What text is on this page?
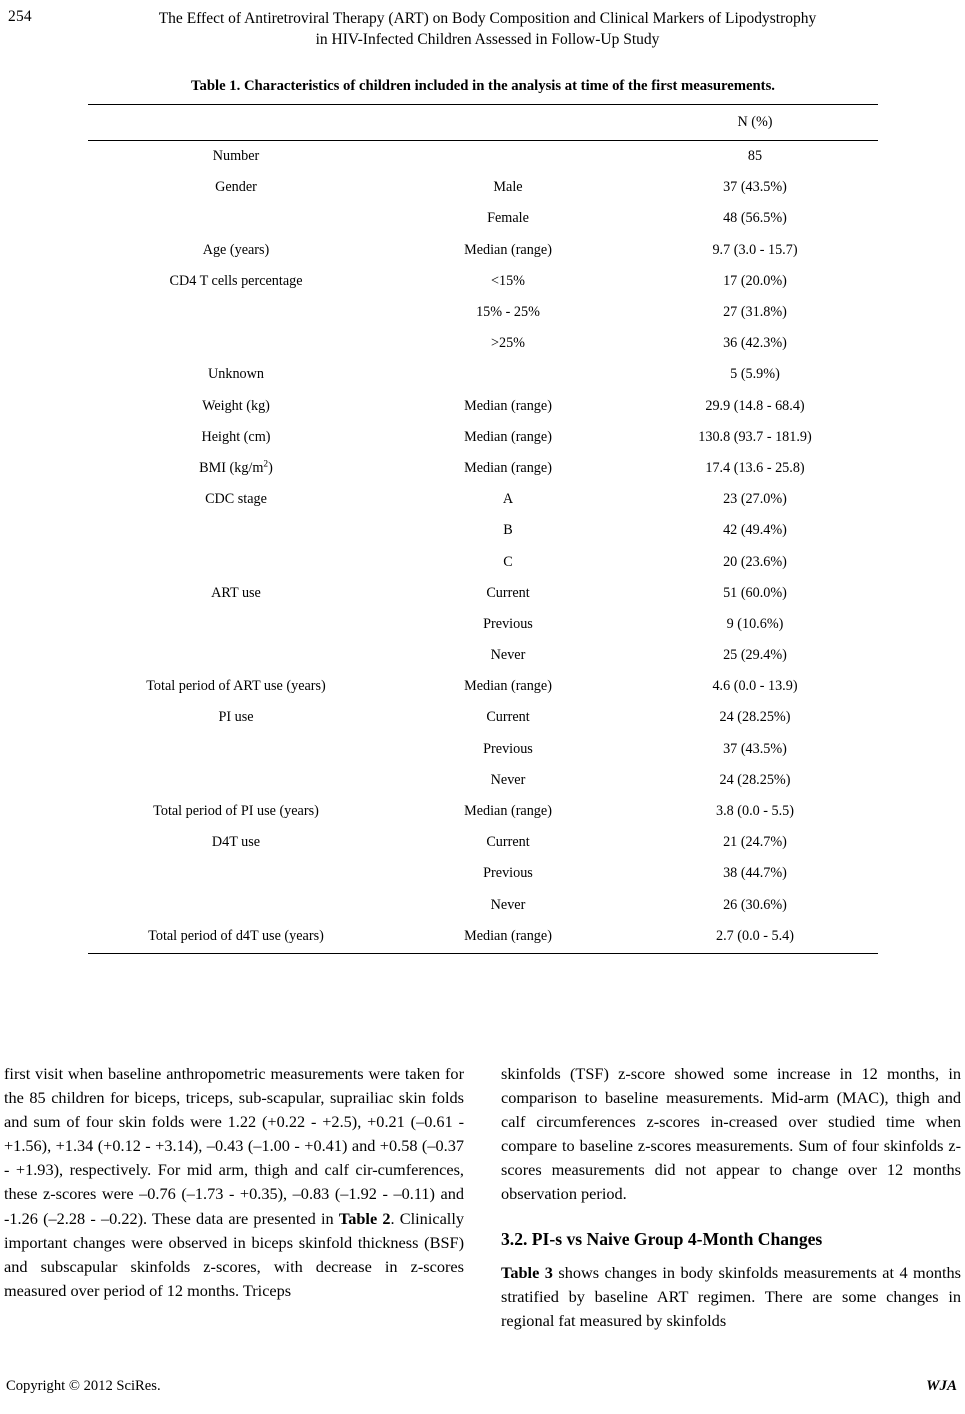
254	The Effect of Antiretroviral Therapy (ART) on Body Composition and Clinical Markers of Lipodystrophy
in HIV-Infected Children Assessed in Follow-Up Study
Table 1. Characteristics of children included in the analysis at time of the first measurements.
		N (%)
Number		85
Gender	Male	37 (43.5%)
	Female	48 (56.5%)
Age (years)	Median (range)	9.7 (3.0 - 15.7)
CD4 T cells percentage	<15%	17 (20.0%)
	15% - 25%	27 (31.8%)
	>25%	36 (42.3%)
Unknown		5 (5.9%)
Weight (kg)	Median (range)	29.9 (14.8 - 68.4)
Height (cm)	Median (range)	130.8 (93.7 - 181.9)
BMI $(kg/m^2)$	Median (range)	17.4 (13.6 - 25.8)
CDC stage	A	23 (27.0%)
	B	42 (49.4%)
	C	20 (23.6%)
ART use	Current	51 (60.0%)
	Previous	9 (10.6%)
	Never	25 (29.4%)
Total period of ART use (years)	Median (range)	4.6 (0.0 - 13.9)
PI use	Current	24 (28.25%)
	Previous	37 (43.5%)
	Never	24 (28.25%)
Total period of PI use (years)	Median (range)	3.8 (0.0 - 5.5)
D4T use	Current	21 (24.7%)
	Previous	38 (44.7%)
	Never	26 (30.6%)
Total period of d4T use (years)	Median (range)	2.7 (0.0 - 5.4)

first visit when baseline anthropometric measurements were taken for the 85 children for biceps, triceps, sub-scapular, suprailiac skin folds and sum of four skin folds were 1.22 (+0.22 - +2.5), +0.21 (–0.61 - +1.56), +1.34 (+0.12 - +3.14), –0.43 (–1.00 - +0.41) and +0.58 (–0.37 - +1.93), respectively. For mid arm, thigh and calf cir-cumferences, these z-scores were –0.76 (–1.73 - +0.35), –0.83 (–1.92 - –0.11) and -1.26 (–2.28 - –0.22). These data are presented in Table 2. Clinically important changes were observed in biceps skinfold thickness (BSF) and subscapular skinfolds z-scores, with decrease in z-scores measured over period of 12 months. Triceps

skinfolds (TSF) z-score showed some increase in 12 months, in comparison to baseline measurements. Mid-arm (MAC), thigh and calf circumferences z-scores in-creased over studied time when compare to baseline z-scores measurements. Sum of four skinfolds z-scores measurements did not appear to change over 12 months observation period.

3.2. PI-s vs Naive Group 4-Month Changes

Table 3 shows changes in body skinfolds measurements at 4 months stratified by baseline ART regimen. There are some changes in regional fat measured by skinfolds

Copyright © 2012 SciRes.	WJA
